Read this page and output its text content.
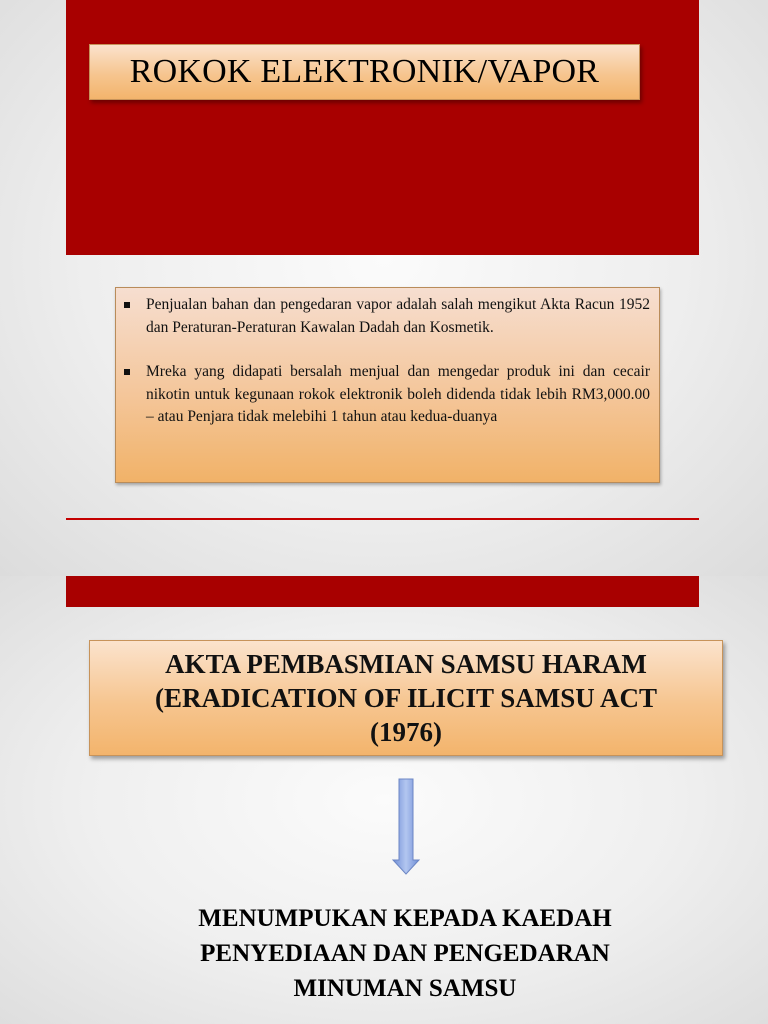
ROKOK ELEKTRONIK/VAPOR
Penjualan bahan dan pengedaran vapor adalah salah mengikut Akta Racun 1952 dan Peraturan-Peraturan Kawalan Dadah dan Kosmetik.
Mreka yang didapati bersalah menjual dan mengedar produk ini dan cecair nikotin untuk kegunaan rokok elektronik boleh didenda tidak lebih RM3,000.00 – atau Penjara tidak melebihi 1 tahun atau kedua-duanya
AKTA PEMBASMIAN SAMSU HARAM
(ERADICATION OF ILICIT SAMSU ACT
(1976)
MENUMPUKAN KEPADA KAEDAH
PENYEDIAAN DAN PENGEDARAN
MINUMAN SAMSU
